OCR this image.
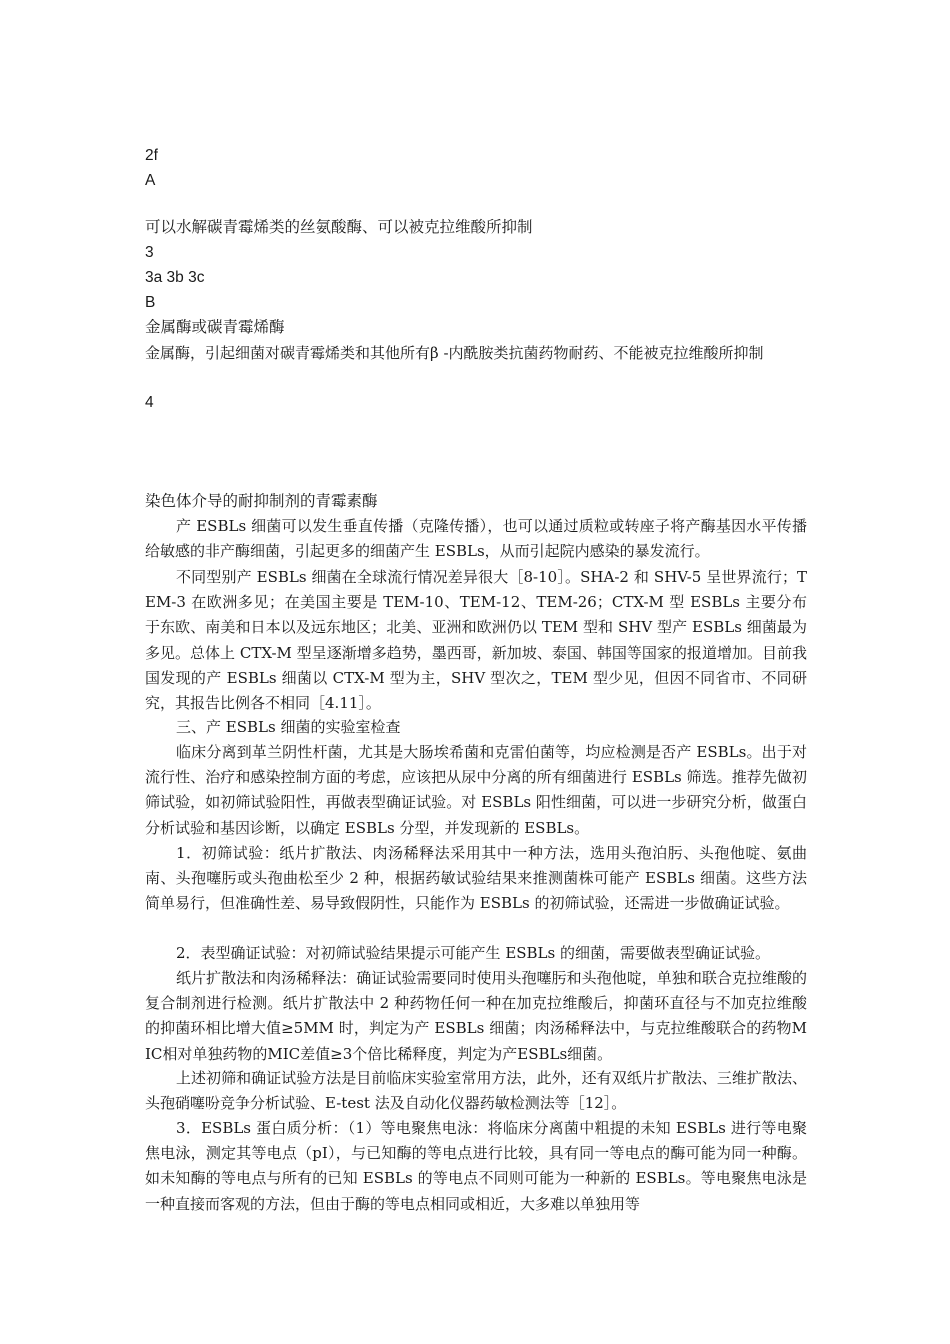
2f
A
可以水解碳青霉烯类的丝氨酸酶、可以被克拉维酸所抑制
3
3a 3b 3c
B
金属酶或碳青霉烯酶
金属酶，引起细菌对碳青霉烯类和其他所有β -内酰胺类抗菌药物耐药、不能被克拉维酸所抑制
4
染色体介导的耐抑制剂的青霉素酶

产 ESBLs 细菌可以发生垂直传播（克隆传播），也可以通过质粒或转座子将产酶基因水平传播给敏感的非产酶细菌，引起更多的细菌产生 ESBLs，从而引起院内感染的暴发流行。

不同型别产 ESBLs 细菌在全球流行情况差异很大［8-10］。SHA-2 和 SHV-5 呈世界流行；TEM-3 在欧洲多见；在美国主要是 TEM-10、TEM-12、TEM-26；CTX-M 型 ESBLs 主要分布于东欧、南美和日本以及远东地区；北美、亚洲和欧洲仍以 TEM 型和 SHV 型产 ESBLs 细菌最为多见。总体上 CTX-M 型呈逐渐增多趋势，墨西哥，新加坡、泰国、韩国等国家的报道增加。目前我国发现的产 ESBLs 细菌以 CTX-M 型为主，SHV 型次之，TEM 型少见，但因不同省市、不同研究，其报告比例各不相同［4.11］。

三、产 ESBLs 细菌的实验室检查

临床分离到革兰阴性杆菌，尤其是大肠埃希菌和克雷伯菌等，均应检测是否产 ESBLs。出于对流行性、治疗和感染控制方面的考虑，应该把从尿中分离的所有细菌进行 ESBLs 筛选。推荐先做初筛试验，如初筛试验阳性，再做表型确证试验。对 ESBLs 阳性细菌，可以进一步研究分析，做蛋白分析试验和基因诊断，以确定 ESBLs 分型，并发现新的 ESBLs。

1．初筛试验：纸片扩散法、肉汤稀释法采用其中一种方法，选用头孢泊肟、头孢他啶、氨曲南、头孢噻肟或头孢曲松至少 2 种，根据药敏试验结果来推测菌株可能产 ESBLs 细菌。这些方法简单易行，但准确性差、易导致假阴性，只能作为 ESBLs 的初筛试验，还需进一步做确证试验。

2．表型确证试验：对初筛试验结果提示可能产生 ESBLs 的细菌，需要做表型确证试验。

纸片扩散法和肉汤稀释法：确证试验需要同时使用头孢噻肟和头孢他啶，单独和联合克拉维酸的复合制剂进行检测。纸片扩散法中 2 种药物任何一种在加克拉维酸后，抑菌环直径与不加克拉维酸的抑菌环相比增大值≥5MM 时，判定为产 ESBLs 细菌；肉汤稀释法中，与克拉维酸联合的药物MIC相对单独药物的MIC差值≥3个倍比稀释度，判定为产ESBLs细菌。

上述初筛和确证试验方法是目前临床实验室常用方法，此外，还有双纸片扩散法、三维扩散法、头孢硝噻吩竞争分析试验、E-test 法及自动化仪器药敏检测法等［12］。

3．ESBLs 蛋白质分析：（1）等电聚焦电泳：将临床分离菌中粗提的未知 ESBLs 进行等电聚焦电泳，测定其等电点（pI），与已知酶的等电点进行比较，具有同一等电点的酶可能为同一种酶。如未知酶的等电点与所有的已知 ESBLs 的等电点不同则可能为一种新的 ESBLs。等电聚焦电泳是一种直接而客观的方法，但由于酶的等电点相同或相近，大多难以单独用等
